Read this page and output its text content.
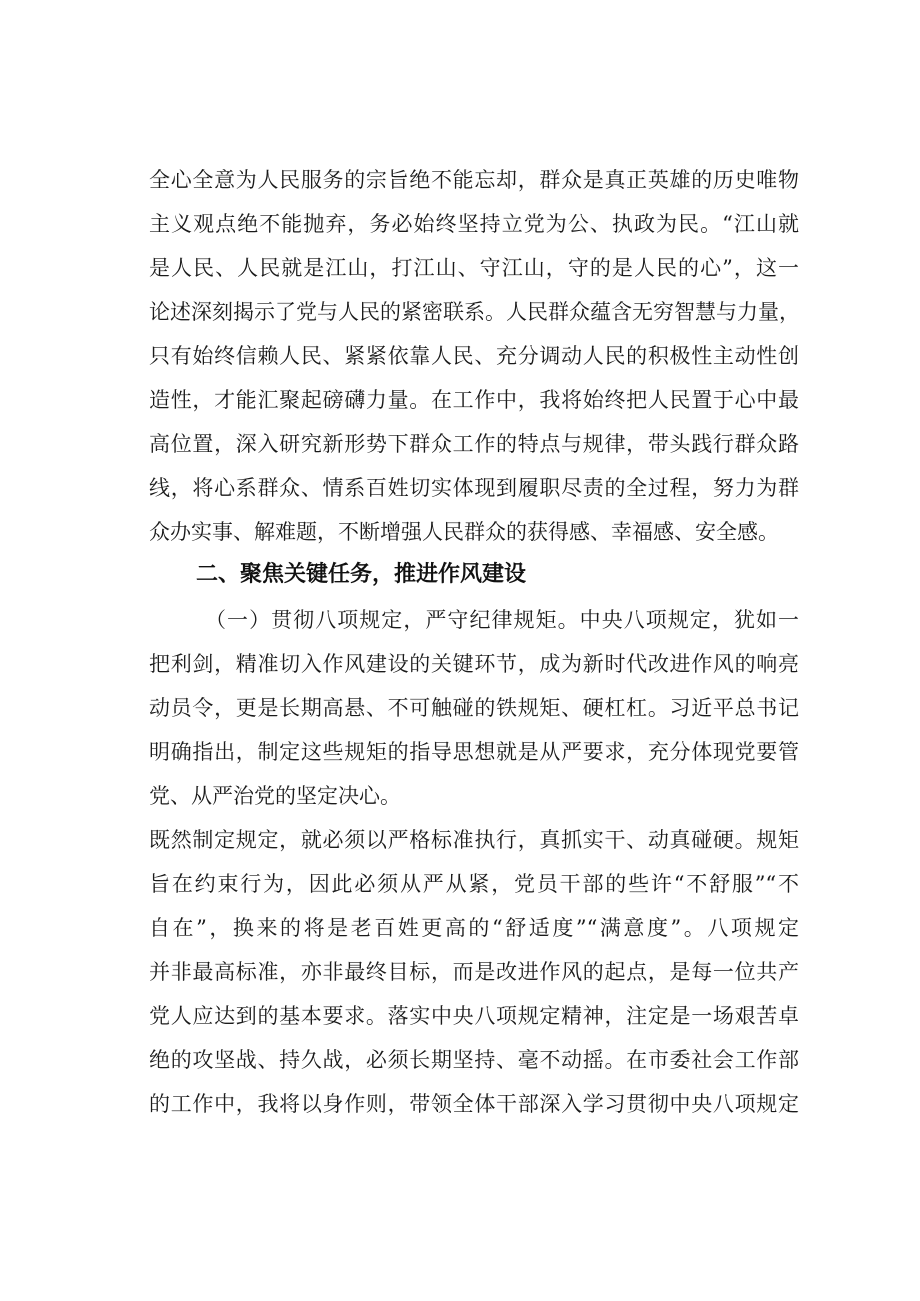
全心全意为人民服务的宗旨绝不能忘却，群众是真正英雄的历史唯物
主义观点绝不能抛弃，务必始终坚持立党为公、执政为民。“江山就
是人民、人民就是江山，打江山、守江山，守的是人民的心”，这一
论述深刻揭示了党与人民的紧密联系。人民群众蕴含无穷智慧与力量，
只有始终信赖人民、紧紧依靠人民、充分调动人民的积极性主动性创
造性，才能汇聚起磅礴力量。在工作中，我将始终把人民置于心中最
高位置，深入研究新形势下群众工作的特点与规律，带头践行群众路
线，将心系群众、情系百姓切实体现到履职尽责的全过程，努力为群
众办实事、解难题，不断增强人民群众的获得感、幸福感、安全感。
二、聚焦关键任务，推进作风建设
（一）贯彻八项规定，严守纪律规矩。中央八项规定，犹如一
把利剑，精准切入作风建设的关键环节，成为新时代改进作风的响亮
动员令，更是长期高悬、不可触碰的铁规矩、硬杠杠。习近平总书记
明确指出，制定这些规矩的指导思想就是从严要求，充分体现党要管
党、从严治党的坚定决心。
既然制定规定，就必须以严格标准执行，真抓实干、动真碰硬。规矩
旨在约束行为，因此必须从严从紧，党员干部的些许“不舒服”“不
自在”，换来的将是老百姓更高的“舒适度”“满意度”。八项规定
并非最高标准，亦非最终目标，而是改进作风的起点，是每一位共产
党人应达到的基本要求。落实中央八项规定精神，注定是一场艰苦卓
绝的攻坚战、持久战，必须长期坚持、毫不动摇。在市委社会工作部
的工作中，我将以身作则，带领全体干部深入学习贯彻中央八项规定
